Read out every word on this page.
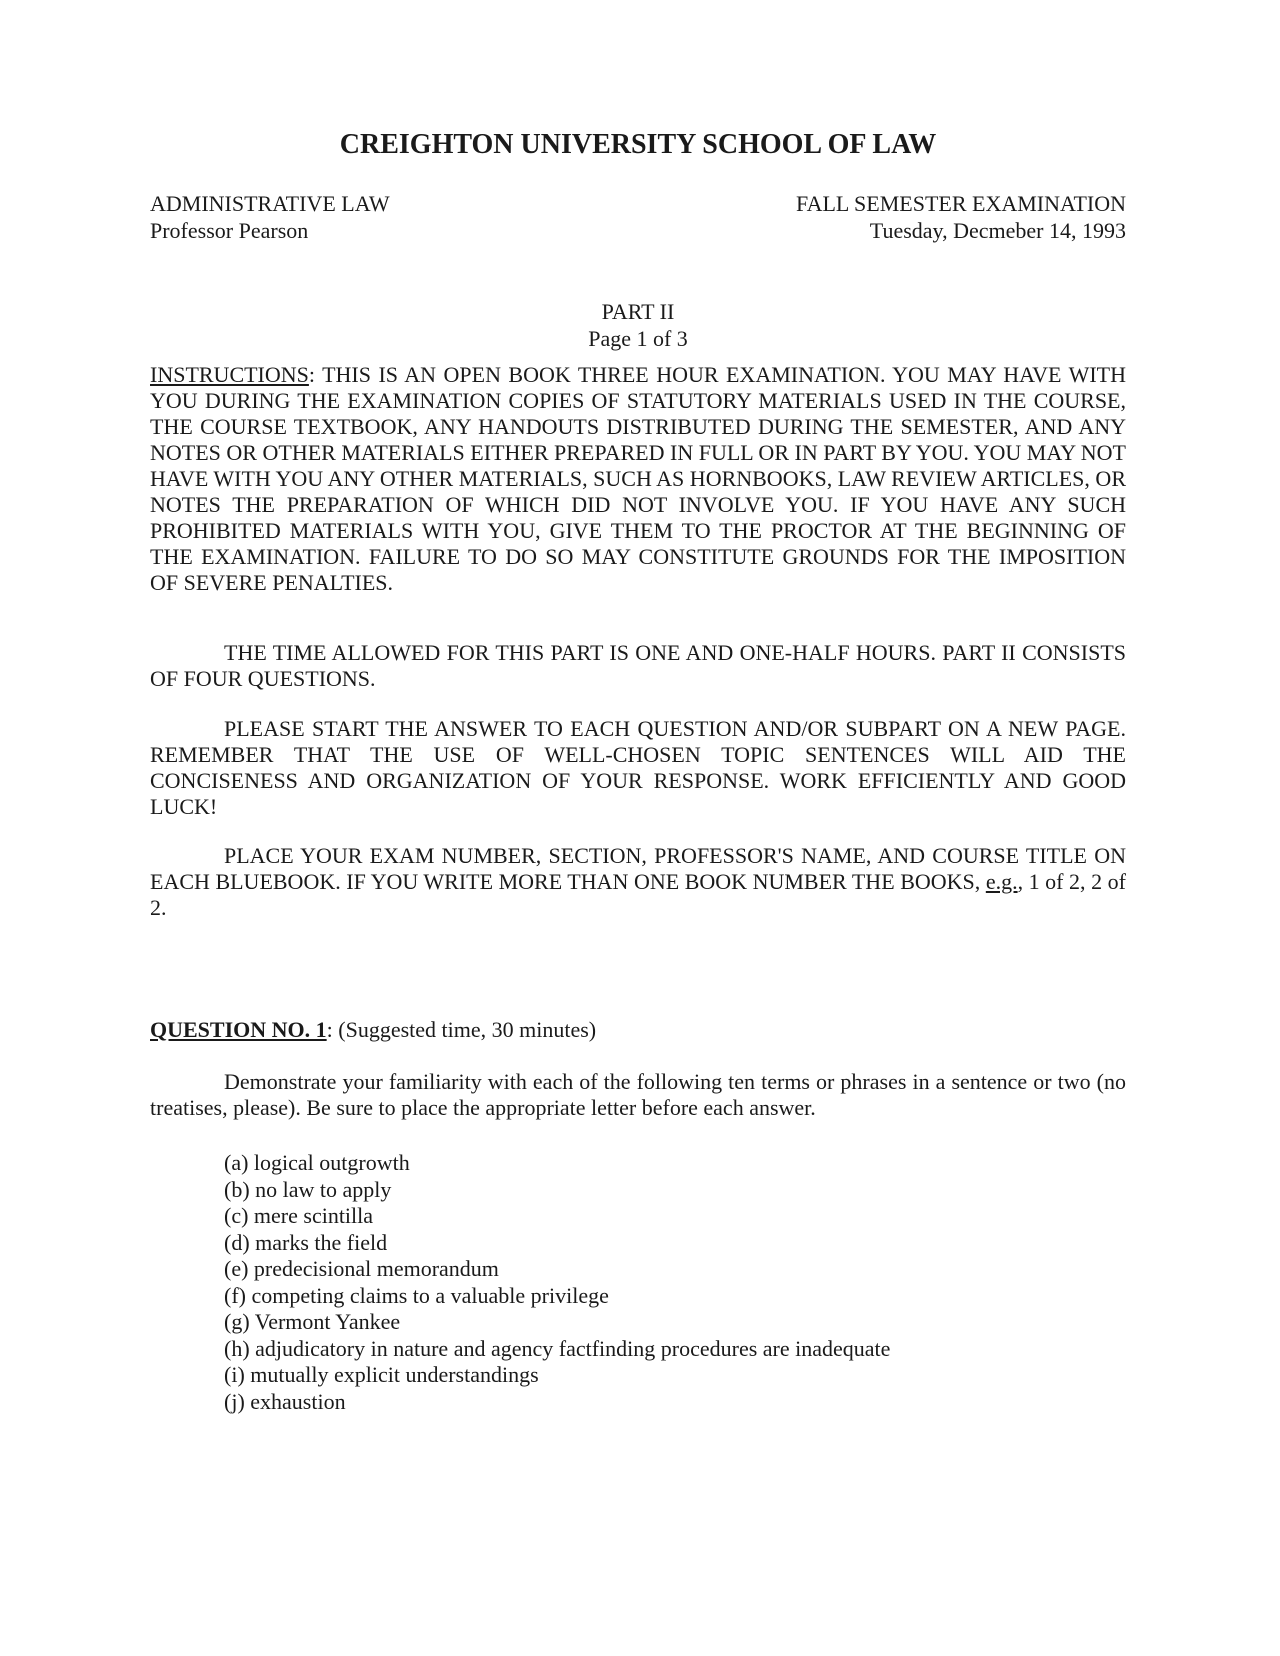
CREIGHTON UNIVERSITY SCHOOL OF LAW
ADMINISTRATIVE LAW
Professor Pearson
FALL SEMESTER EXAMINATION
Tuesday, Decmeber 14, 1993
PART II
Page 1 of 3

INSTRUCTIONS: THIS IS AN OPEN BOOK THREE HOUR EXAMINATION. YOU MAY HAVE WITH YOU DURING THE EXAMINATION COPIES OF STATUTORY MATERIALS USED IN THE COURSE, THE COURSE TEXTBOOK, ANY HANDOUTS DISTRIBUTED DURING THE SEMESTER, AND ANY NOTES OR OTHER MATERIALS EITHER PREPARED IN FULL OR IN PART BY YOU. YOU MAY NOT HAVE WITH YOU ANY OTHER MATERIALS, SUCH AS HORNBOOKS, LAW REVIEW ARTICLES, OR NOTES THE PREPARATION OF WHICH DID NOT INVOLVE YOU. IF YOU HAVE ANY SUCH PROHIBITED MATERIALS WITH YOU, GIVE THEM TO THE PROCTOR AT THE BEGINNING OF THE EXAMINATION. FAILURE TO DO SO MAY CONSTITUTE GROUNDS FOR THE IMPOSITION OF SEVERE PENALTIES.

THE TIME ALLOWED FOR THIS PART IS ONE AND ONE-HALF HOURS. PART II CONSISTS OF FOUR QUESTIONS.

PLEASE START THE ANSWER TO EACH QUESTION AND/OR SUBPART ON A NEW PAGE. REMEMBER THAT THE USE OF WELL-CHOSEN TOPIC SENTENCES WILL AID THE CONCISENESS AND ORGANIZATION OF YOUR RESPONSE. WORK EFFICIENTLY AND GOOD LUCK!

PLACE YOUR EXAM NUMBER, SECTION, PROFESSOR'S NAME, AND COURSE TITLE ON EACH BLUEBOOK. IF YOU WRITE MORE THAN ONE BOOK NUMBER THE BOOKS, e.g., 1 of 2, 2 of 2.

QUESTION NO. 1: (Suggested time, 30 minutes)

Demonstrate your familiarity with each of the following ten terms or phrases in a sentence or two (no treatises, please). Be sure to place the appropriate letter before each answer.

(a) logical outgrowth
(b) no law to apply
(c) mere scintilla
(d) marks the field
(e) predecisional memorandum
(f) competing claims to a valuable privilege
(g) Vermont Yankee
(h) adjudicatory in nature and agency factfinding procedures are inadequate
(i) mutually explicit understandings
(j) exhaustion
